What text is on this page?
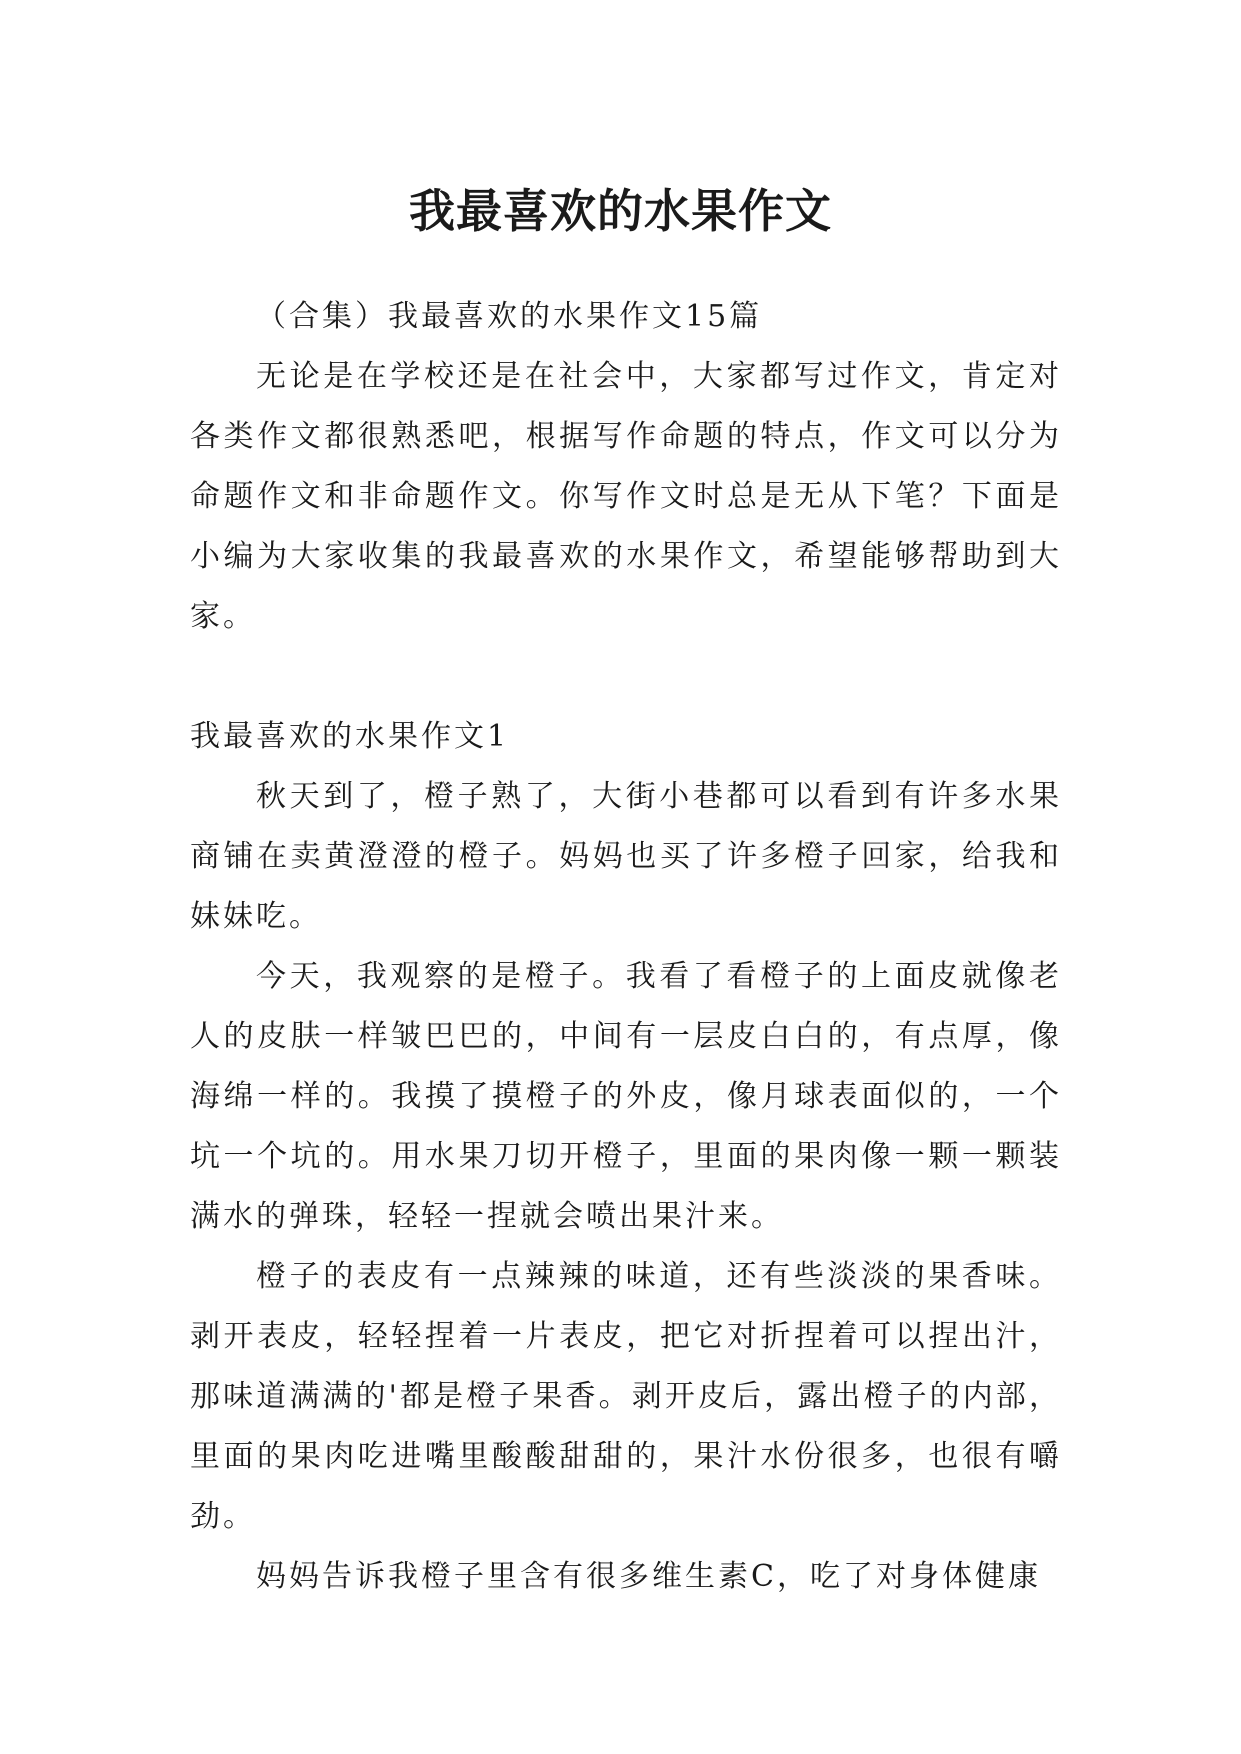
我最喜欢的水果作文

（合集）我最喜欢的水果作文15篇

无论是在学校还是在社会中，大家都写过作文，肯定对各类作文都很熟悉吧，根据写作命题的特点，作文可以分为命题作文和非命题作文。你写作文时总是无从下笔？下面是小编为大家收集的我最喜欢的水果作文，希望能够帮助到大家。

我最喜欢的水果作文1

秋天到了，橙子熟了，大街小巷都可以看到有许多水果商铺在卖黄澄澄的橙子。妈妈也买了许多橙子回家，给我和妹妹吃。

今天，我观察的是橙子。我看了看橙子的上面皮就像老人的皮肤一样皱巴巴的，中间有一层皮白白的，有点厚，像海绵一样的。我摸了摸橙子的外皮，像月球表面似的，一个坑一个坑的。用水果刀切开橙子，里面的果肉像一颗一颗装满水的弹珠，轻轻一捏就会喷出果汁来。

橙子的表皮有一点辣辣的味道，还有些淡淡的果香味。剥开表皮，轻轻捏着一片表皮，把它对折捏着可以捏出汁，那味道满满的'都是橙子果香。剥开皮后，露出橙子的内部，里面的果肉吃进嘴里酸酸甜甜的，果汁水份很多，也很有嚼劲。

妈妈告诉我橙子里含有很多维生素C，吃了对身体健康
